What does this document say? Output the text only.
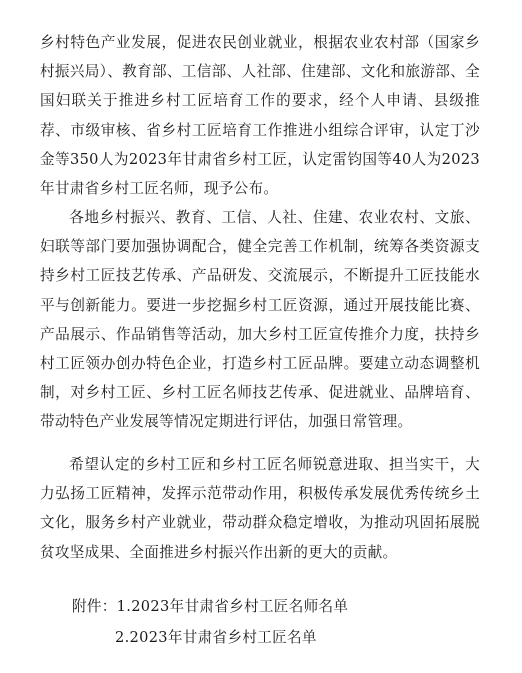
乡村特色产业发展，促进农民创业就业，根据农业农村部（国家乡村振兴局）、教育部、工信部、人社部、住建部、文化和旅游部、全国妇联关于推进乡村工匠培育工作的要求，经个人申请、县级推荐、市级审核、省乡村工匠培育工作推进小组综合评审，认定丁沙金等350人为2023年甘肃省乡村工匠，认定雷钧国等40人为2023年甘肃省乡村工匠名师，现予公布。

各地乡村振兴、教育、工信、人社、住建、农业农村、文旅、妇联等部门要加强协调配合，健全完善工作机制，统筹各类资源支持乡村工匠技艺传承、产品研发、交流展示，不断提升工匠技能水平与创新能力。要进一步挖掘乡村工匠资源，通过开展技能比赛、产品展示、作品销售等活动，加大乡村工匠宣传推介力度，扶持乡村工匠领办创办特色企业，打造乡村工匠品牌。要建立动态调整机制，对乡村工匠、乡村工匠名师技艺传承、促进就业、品牌培育、带动特色产业发展等情况定期进行评估，加强日常管理。

希望认定的乡村工匠和乡村工匠名师锐意进取、担当实干，大力弘扬工匠精神，发挥示范带动作用，积极传承发展优秀传统乡土文化，服务乡村产业就业，带动群众稳定增收，为推动巩固拓展脱贫攻坚成果、全面推进乡村振兴作出新的更大的贡献。

附件：1.2023年甘肃省乡村工匠名师名单

2.2023年甘肃省乡村工匠名单
